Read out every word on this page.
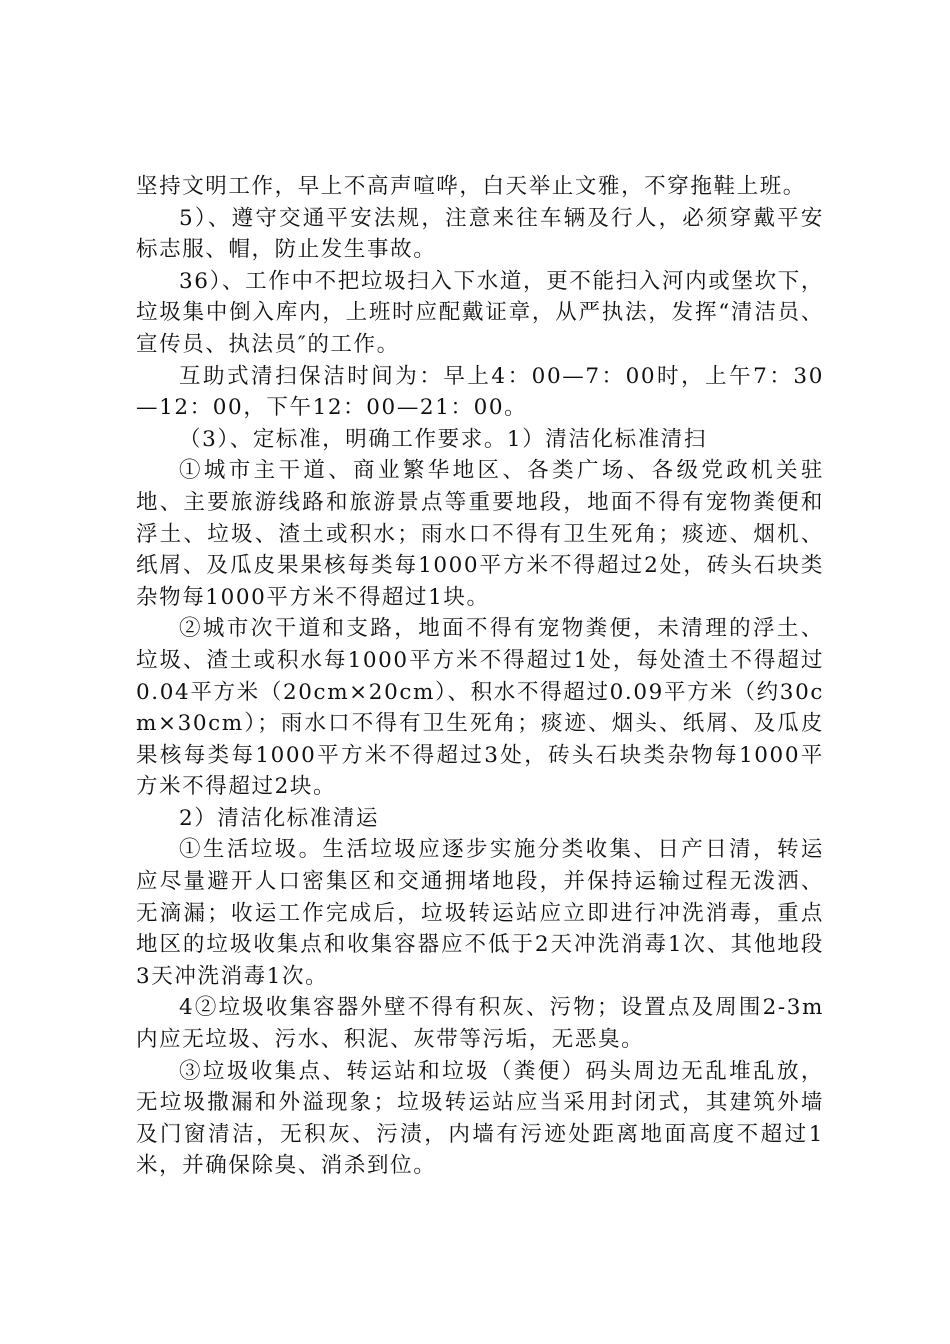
坚持文明工作，早上不高声喧哗，白天举止文雅，不穿拖鞋上班。

5）、遵守交通平安法规，注意来往车辆及行人，必须穿戴平安标志服、帽，防止发生事故。

36）、工作中不把垃圾扫入下水道，更不能扫入河内或堡坎下，垃圾集中倒入库内，上班时应配戴证章，从严执法，发挥“清洁员、宣传员、执法员″的工作。

互助式清扫保洁时间为：早上4：00—7：00时，上午7：30—12：00，下午12：00—21：00。

（3）、定标准，明确工作要求。1）清洁化标准清扫

①城市主干道、商业繁华地区、各类广场、各级党政机关驻地、主要旅游线路和旅游景点等重要地段，地面不得有宠物粪便和浮土、垃圾、渣土或积水；雨水口不得有卫生死角；痰迹、烟机、纸屑、及瓜皮果果核每类每1000平方米不得超过2处，砖头石块类杂物每1000平方米不得超过1块。

②城市次干道和支路，地面不得有宠物粪便，未清理的浮土、垃圾、渣土或积水每1000平方米不得超过1处，每处渣土不得超过0.04平方米（20cm×20cm）、积水不得超过0.09平方米（约30cm×30cm）；雨水口不得有卫生死角；痰迹、烟头、纸屑、及瓜皮果核每类每1000平方米不得超过3处，砖头石块类杂物每1000平方米不得超过2块。

2）清洁化标准清运

①生活垃圾。生活垃圾应逐步实施分类收集、日产日清，转运应尽量避开人口密集区和交通拥堵地段，并保持运输过程无泼洒、无滴漏；收运工作完成后，垃圾转运站应立即进行冲洗消毒，重点地区的垃圾收集点和收集容器应不低于2天冲洗消毒1次、其他地段3天冲洗消毒1次。

4②垃圾收集容器外壁不得有积灰、污物；设置点及周围2-3m内应无垃圾、污水、积泥、灰带等污垢，无恶臭。

③垃圾收集点、转运站和垃圾（粪便）码头周边无乱堆乱放，无垃圾撒漏和外溢现象；垃圾转运站应当采用封闭式，其建筑外墙及门窗清洁，无积灰、污渍，内墙有污迹处距离地面高度不超过1米，并确保除臭、消杀到位。
